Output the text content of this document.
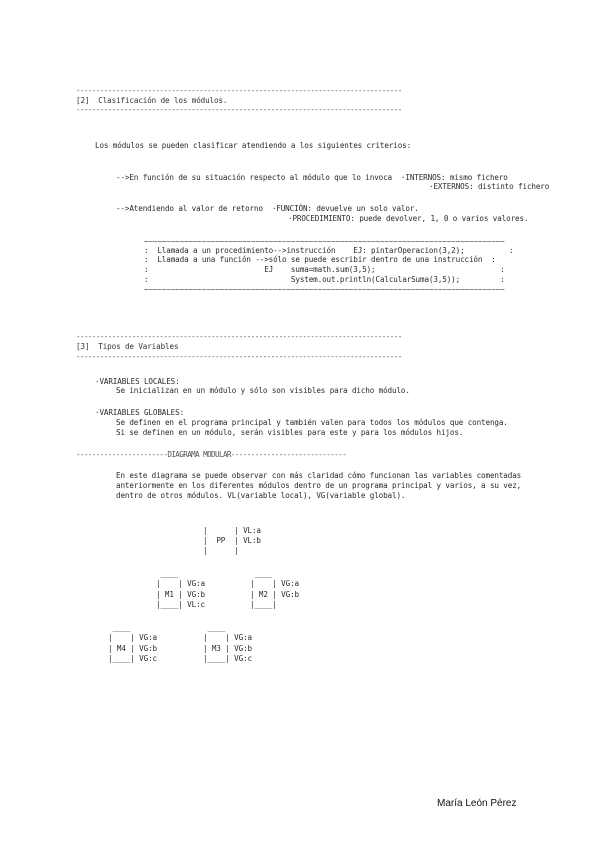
----------------------------------------------------------------------------------
[2]  Clasificación de los módulos.
----------------------------------------------------------------------------------
Los módulos se pueden clasificar atendiendo a los siguientes criterios:
-->En función de su situación respecto al módulo que lo invoca  ·INTERNOS: mismo fichero
·EXTERNOS: distinto fichero
-->Atendiendo al valor de retorno  ·FUNCIÓN: devuelve un solo valor.
·PROCEDIMIENTO: puede devolver, 1, 0 o varios valores.
~~~~~~~~~~~~~~~~~~~~~~~~~~~~~~~~~~~~~~~~~~~~~~~~~~~~~~~~~~~~~~~~~~~~~~~~~~~~~~~~~
:  Llamada a un procedimiento-->instrucción    EJ: pintarOperacion(3,2);          :
:  Llamada a una función -->sólo se puede escribir dentro de una instrucción  :
:                          EJ    suma=math.sum(3,5);                            :
:                                System.out.println(CalcularSuma(3,5));         :
~~~~~~~~~~~~~~~~~~~~~~~~~~~~~~~~~~~~~~~~~~~~~~~~~~~~~~~~~~~~~~~~~~~~~~~~~~~~~~~~~
----------------------------------------------------------------------------------
[3]  Tipos de Variables
----------------------------------------------------------------------------------
·VARIABLES LOCALES:
Se inicializan en un módulo y sólo son visibles para dicho módulo.
·VARIABLES GLOBALES:
Se definen en el programa principal y también valen para todos los módulos que contenga.
Si se definen en un módulo, serán visibles para este y para los módulos hijos.
-----------------------DIAGRAMA MODULAR-----------------------------
En este diagrama se puede observar con más claridad cómo funcionan las variables comentadas
anteriormente en los diferentes módulos dentro de un programa principal y varios, a su vez,
dentro de otros módulos. VL(variable local), VG(variable global).
|      | VL:a
|  PP  | VL:b
|      |
____
|    | VG:a
| M1 | VG:b
|____| VL:c
____
|    | VG:a
| M2 | VG:b
|____|
____
|    | VG:a
| M4 | VG:b
|____| VG:c
____
|    | VG:a
| M3 | VG:b
|____| VG:c
María León Pérez
